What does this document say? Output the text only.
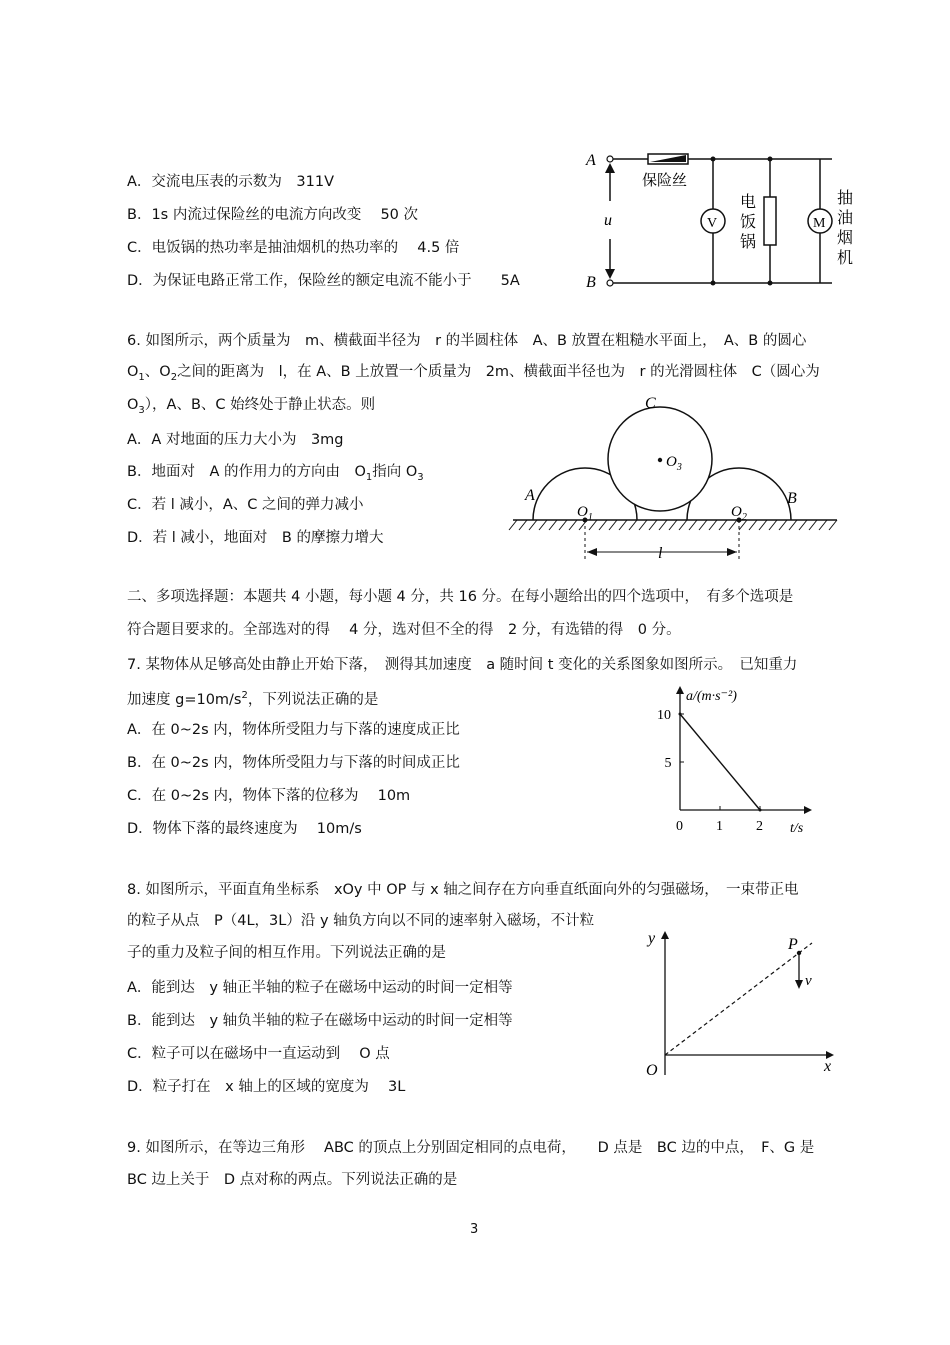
A．交流电压表的示数为　311V
B．1s 内流过保险丝的电流方向改变　 50 次
C．电饭锅的热功率是抽油烟机的热功率的　 4.5 倍
D．为保证电路正常工作，保险丝的额定电流不能小于　　5A
A
B
u
保险丝
V	M
电
饭
锅
抽
油
烟
机
6. 如图所示，两个质量为　m、横截面半径为　r 的半圆柱体　A、B 放置在粗糙水平面上，　A、B 的圆心
$O_1$、$O_2$之间的距离为　l，在 A、B 上放置一个质量为　2m、横截面半径也为　r 的光滑圆柱体　C（圆心为
$O_3$），A、B、C 始终处于静止状态。则
A．A 对地面的压力大小为　3mg
B．地面对　A 的作用力的方向由　$O_1$指向 $O_3$
C．若 l 减小，A、C 之间的弹力减小
D．若 l 减小，地面对　B 的摩擦力增大
C
$O_3$
A	B
$O_1$	$O_2$
l
二、多项选择题：本题共 4 小题，每小题 4 分，共 16 分。在每小题给出的四个选项中，　有多个选项是
符合题目要求的。全部选对的得　 4 分，选对但不全的得　2 分，有选错的得　0 分。
7. 某物体从足够高处由静止开始下落，　测得其加速度　a 随时间 t 变化的关系图象如图所示。　已知重力
加速度 $g=10m/s^2$，下列说法正确的是
A．在 0~2s 内，物体所受阻力与下落的速度成正比
B．在 0~2s 内，物体所受阻力与下落的时间成正比
C．在 0~2s 内，物体下落的位移为　 10m
D．物体下落的最终速度为　 10m/s	0 1 2
5
10
a/(m·s⁻²)
t/s
8. 如图所示，平面直角坐标系　xOy 中 OP 与 x 轴之间存在方向垂直纸面向外的匀强磁场，　一束带正电
的粒子从点　P（4L，3L）沿 y 轴负方向以不同的速率射入磁场，不计粒
子的重力及粒子间的相互作用。下列说法正确的是
A．能到达　y 轴正半轴的粒子在磁场中运动的时间一定相等
B．能到达　y 轴负半轴的粒子在磁场中运动的时间一定相等
C．粒子可以在磁场中一直运动到　 O 点
D．粒子打在　x 轴上的区域的宽度为　 3L
y
x
O
P
v
9. 如图所示，在等边三角形　 ABC 的顶点上分别固定相同的点电荷，　　D 点是　BC 边的中点，　F、G 是
BC 边上关于　D 点对称的两点。下列说法正确的是
3
